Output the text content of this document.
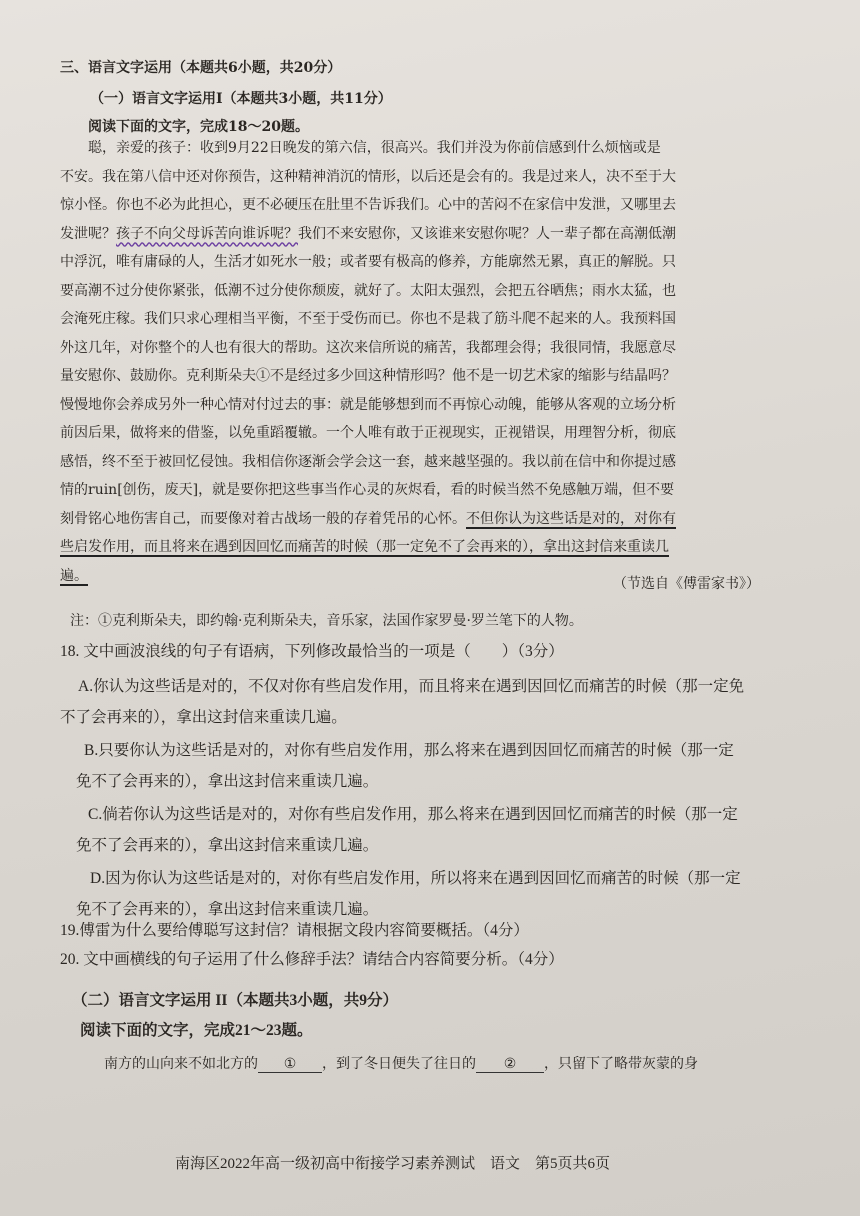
三、语言文字运用（本题共6小题，共20分）
（一）语言文字运用Ⅰ（本题共3小题，共11分）
阅读下面的文字，完成18～20题。
聪，亲爱的孩子：收到9月22日晚发的第六信，很高兴。我们并没为你前信感到什么烦恼或是
不安。我在第八信中还对你预告，这种精神消沉的情形，以后还是会有的。我是过来人，决不至于大
惊小怪。你也不必为此担心，更不必硬压在肚里不告诉我们。心中的苦闷不在家信中发泄，又哪里去
发泄呢？孩子不向父母诉苦向谁诉呢？我们不来安慰你，又该谁来安慰你呢？人一辈子都在高潮低潮
中浮沉，唯有庸碌的人，生活才如死水一般；或者要有极高的修养，方能廓然无累，真正的解脱。只
要高潮不过分使你紧张，低潮不过分使你颓废，就好了。太阳太强烈，会把五谷晒焦；雨水太猛，也
会淹死庄稼。我们只求心理相当平衡，不至于受伤而已。你也不是栽了筋斗爬不起来的人。我预料国
外这几年，对你整个的人也有很大的帮助。这次来信所说的痛苦，我都理会得；我很同情，我愿意尽
量安慰你、鼓励你。克利斯朵夫①不是经过多少回这种情形吗？他不是一切艺术家的缩影与结晶吗？
慢慢地你会养成另外一种心情对付过去的事：就是能够想到而不再惊心动魄，能够从客观的立场分析
前因后果，做将来的借鉴，以免重蹈覆辙。一个人唯有敢于正视现实，正视错误，用理智分析，彻底
感悟，终不至于被回忆侵蚀。我相信你逐渐会学会这一套，越来越坚强的。我以前在信中和你提过感
情的ruin[创伤，废天]，就是要你把这些事当作心灵的灰烬看，看的时候当然不免感触万端，但不要
刻骨铭心地伤害自己，而要像对着古战场一般的存着凭吊的心怀。不但你认为这些话是对的，对你有
些启发作用，而且将来在遇到因回忆而痛苦的时候（那一定免不了会再来的），拿出这封信来重读几
遍。
（节选自《傅雷家书》）
注：①克利斯朵夫，即约翰·克利斯朵夫，音乐家，法国作家罗曼·罗兰笔下的人物。
18. 文中画波浪线的句子有语病，下列修改最恰当的一项是（　　）（3分）
A.你认为这些话是对的，不仅对你有些启发作用，而且将来在遇到因回忆而痛苦的时候（那一定免
不了会再来的），拿出这封信来重读几遍。
B.只要你认为这些话是对的，对你有些启发作用，那么将来在遇到因回忆而痛苦的时候（那一定
免不了会再来的），拿出这封信来重读几遍。
C.倘若你认为这些话是对的，对你有些启发作用，那么将来在遇到因回忆而痛苦的时候（那一定
免不了会再来的），拿出这封信来重读几遍。
D.因为你认为这些话是对的，对你有些启发作用，所以将来在遇到因回忆而痛苦的时候（那一定
免不了会再来的），拿出这封信来重读几遍。
19.傅雷为什么要给傅聪写这封信？请根据文段内容简要概括。（4分）
20. 文中画横线的句子运用了什么修辞手法？请结合内容简要分析。（4分）
（二）语言文字运用 II（本题共3小题，共9分）
阅读下面的文字，完成21～23题。
南方的山向来不如北方的 ① ，到了冬日便失了往日的 ② ，只留下了略带灰蒙的身
南海区2022年高一级初高中衔接学习素养测试　语文　第5页共6页
